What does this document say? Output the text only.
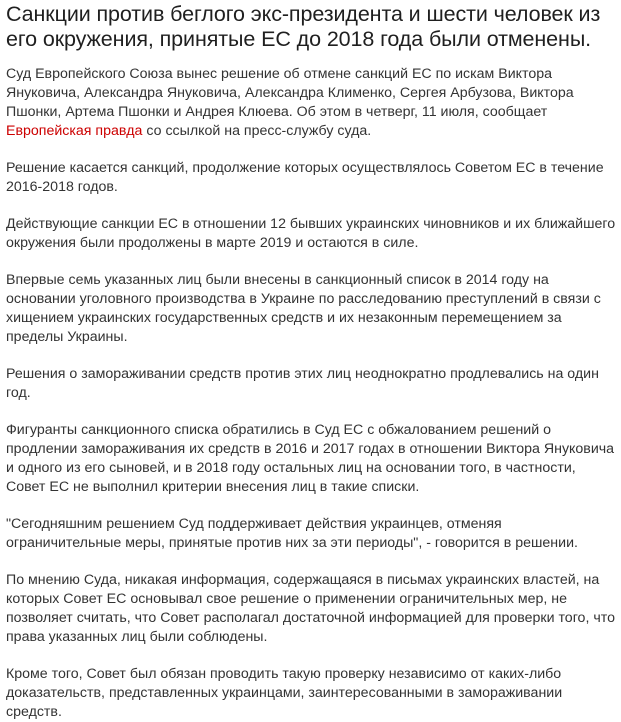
Санкции против беглого экс-президента и шести человек из его окружения, принятые ЕС до 2018 года были отменены.

Суд Европейского Союза вынес решение об отмене санкций ЕС по искам Виктора Януковича, Александра Януковича, Александра Клименко, Сергея Арбузова, Виктора Пшонки, Артема Пшонки и Андрея Клюева. Об этом в четверг, 11 июля, сообщает Европейская правда со ссылкой на пресс-службу суда.

Решение касается санкций, продолжение которых осуществлялось Советом ЕС в течение 2016-2018 годов.

Действующие санкции ЕС в отношении 12 бывших украинских чиновников и их ближайшего окружения были продолжены в марте 2019 и остаются в силе.

Впервые семь указанных лиц были внесены в санкционный список в 2014 году на основании уголовного производства в Украине по расследованию преступлений в связи с хищением украинских государственных средств и их незаконным перемещением за пределы Украины.

Решения о замораживании средств против этих лиц неоднократно продлевались на один год.

Фигуранты санкционного списка обратились в Суд ЕС с обжалованием решений о продлении замораживания их средств в 2016 и 2017 годах в отношении Виктора Януковича и одного из его сыновей, и в 2018 году остальных лиц на основании того, в частности, Совет ЕС не выполнил критерии внесения лиц в такие списки.

"Сегодняшним решением Суд поддерживает действия украинцев, отменяя ограничительные меры, принятые против них за эти периоды", - говорится в решении.

По мнению Суда, никакая информация, содержащаяся в письмах украинских властей, на которых Совет ЕС основывал свое решение о применении ограничительных мер, не позволяет считать, что Совет располагал достаточной информацией для проверки того, что права указанных лиц были соблюдены.

Кроме того, Совет был обязан проводить такую проверку независимо от каких-либо доказательств, представленных украинцами, заинтересованными в замораживании средств.
